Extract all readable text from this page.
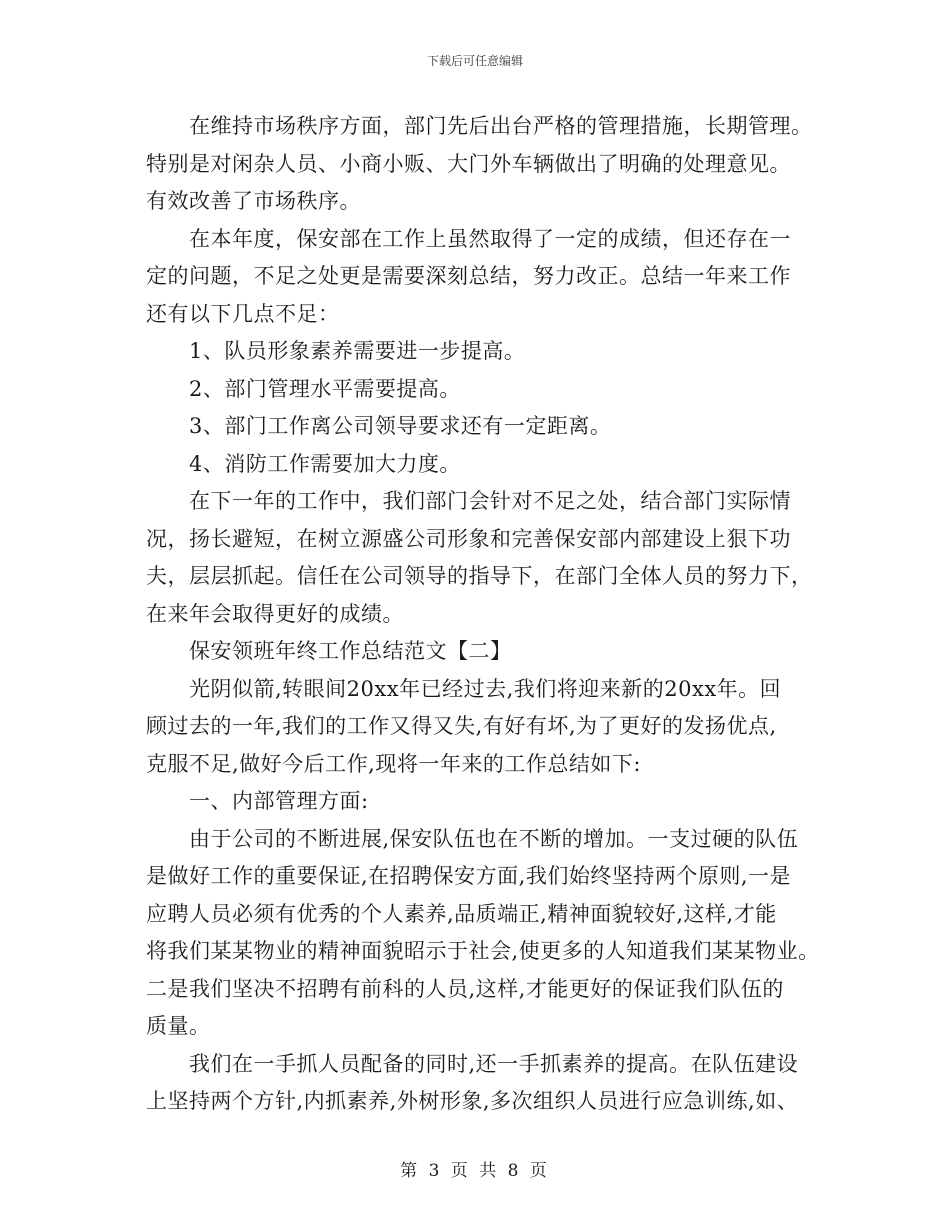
下载后可任意编辑
在维持市场秩序方面，部门先后出台严格的管理措施，长期管理。
特别是对闲杂人员、小商小贩、大门外车辆做出了明确的处理意见。
有效改善了市场秩序。
在本年度，保安部在工作上虽然取得了一定的成绩，但还存在一
定的问题，不足之处更是需要深刻总结，努力改正。总结一年来工作
还有以下几点不足：
1、队员形象素养需要进一步提高。
2、部门管理水平需要提高。
3、部门工作离公司领导要求还有一定距离。
4、消防工作需要加大力度。
在下一年的工作中，我们部门会针对不足之处，结合部门实际情
况，扬长避短，在树立源盛公司形象和完善保安部内部建设上狠下功
夫，层层抓起。信任在公司领导的指导下，在部门全体人员的努力下，
在来年会取得更好的成绩。
保安领班年终工作总结范文【二】
光阴似箭,转眼间20xx年已经过去,我们将迎来新的20xx年。回
顾过去的一年,我们的工作又得又失,有好有坏,为了更好的发扬优点,
克服不足,做好今后工作,现将一年来的工作总结如下:
一、内部管理方面:
由于公司的不断进展,保安队伍也在不断的增加。一支过硬的队伍
是做好工作的重要保证,在招聘保安方面,我们始终坚持两个原则,一是
应聘人员必须有优秀的个人素养,品质端正,精神面貌较好,这样,才能
将我们某某物业的精神面貌昭示于社会,使更多的人知道我们某某物业。
二是我们坚决不招聘有前科的人员,这样,才能更好的保证我们队伍的
质量。
我们在一手抓人员配备的同时,还一手抓素养的提高。在队伍建设
上坚持两个方针,内抓素养,外树形象,多次组织人员进行应急训练,如、
第 3 页 共 8 页
